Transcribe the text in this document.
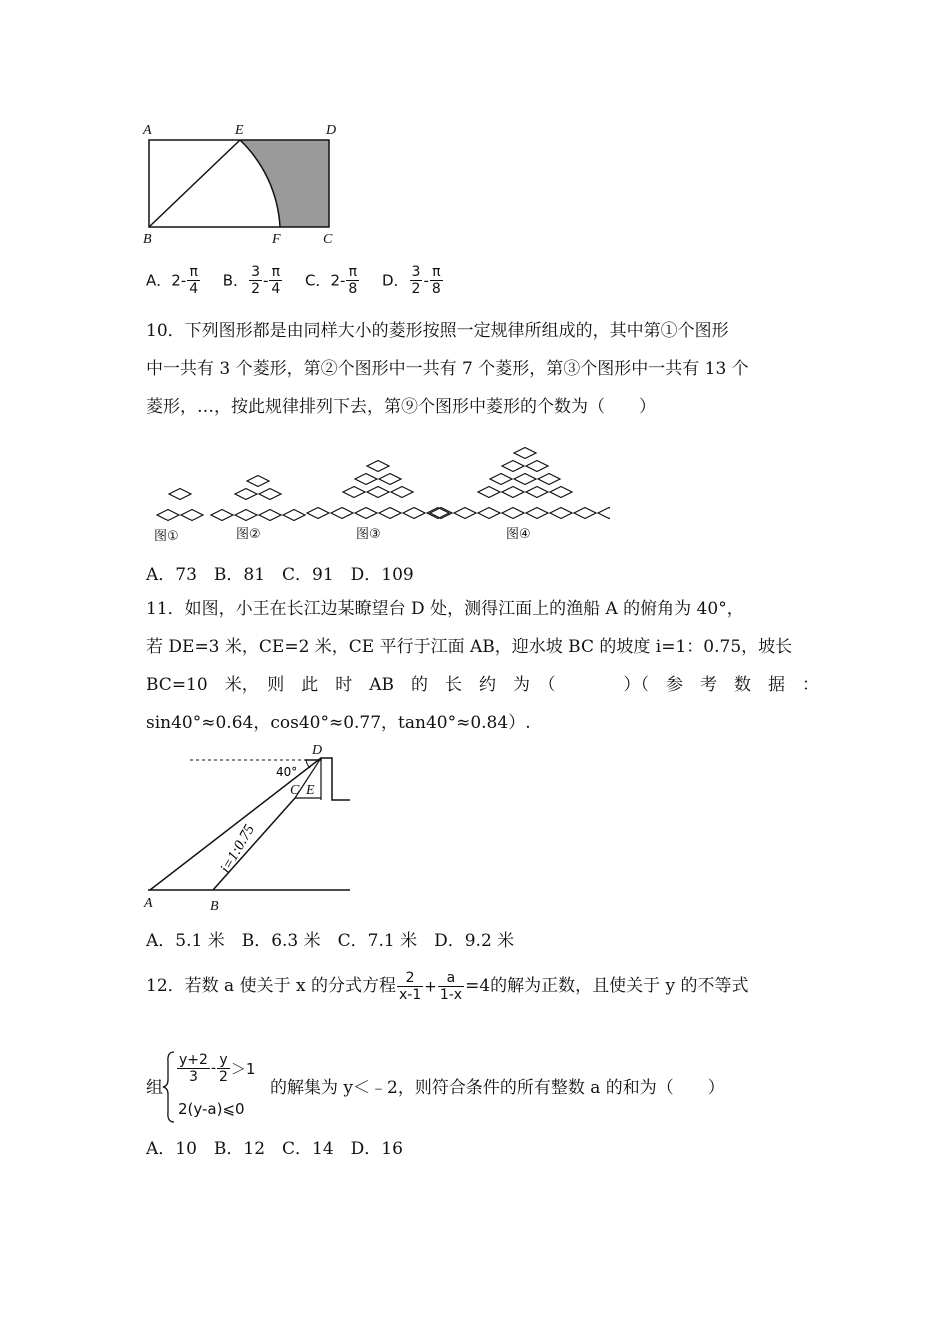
A	E	D
B	F	C
A．$2- \frac{\pi}{4}$ B． $\frac{3}{2} - \frac{\pi}{4}$ C．$2- \frac{\pi}{8}$ D． $\frac{3}{2} - \frac{\pi}{8}$
10．下列图形都是由同样大小的菱形按照一定规律所组成的，其中第①个图形
中一共有 3 个菱形，第②个图形中一共有 7 个菱形，第③个图形中一共有 13 个
菱形，…，按此规律排列下去，第⑨个图形中菱形的个数为（　　）
图①	图②	图③	图④
A．73　B．81　C．91　D．109
11．如图，小王在长江边某瞭望台 D 处，测得江面上的渔船 A 的俯角为 40°，
若 DE=3 米，CE=2 米，CE 平行于江面 AB，迎水坡 BC 的坡度 i=1：0.75，坡长
BC=10　米，　则　此　时　AB　的　长　约　为　（　　　　）（　参　考　数　据　：
sin40°≈0.64，cos40°≈0.77，tan40°≈0.84）.
D
40°
C E
i=1:0.75
A	B
A．5.1 米　B．6.3 米　C．7.1 米　D．9.2 米
12．若数 a 使关于 x 的分式方程 $\frac{2}{x-1} + \frac{a}{1-x} =4$的解为正数，且使关于 y 的不等式
组
$\frac{y+2}{3} - \frac{y}{2} >1$
2(y-a)⩽0
的解集为 y＜﹣2，则符合条件的所有整数 a 的和为（　　）
A．10　B．12　C．14　D．16
